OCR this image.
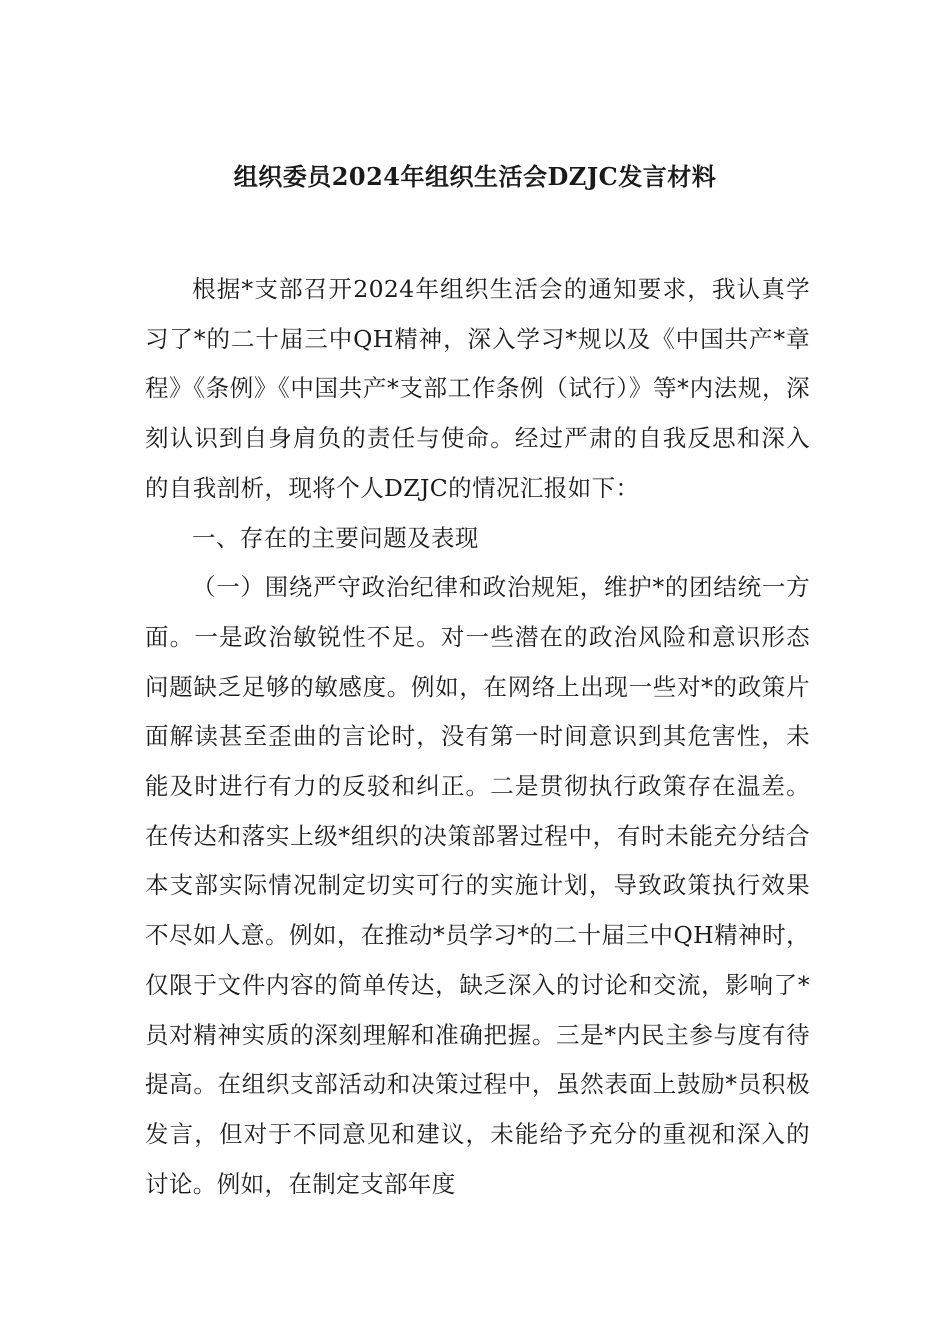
组织委员2024年组织生活会DZJC发言材料

根据*支部召开2024年组织生活会的通知要求，我认真学习了*的二十届三中QH精神，深入学习*规以及《中国共产*章程》《条例》《中国共产*支部工作条例（试行）》等*内法规，深刻认识到自身肩负的责任与使命。经过严肃的自我反思和深入的自我剖析，现将个人DZJC的情况汇报如下：

一、存在的主要问题及表现

（一）围绕严守政治纪律和政治规矩，维护*的团结统一方面。一是政治敏锐性不足。对一些潜在的政治风险和意识形态问题缺乏足够的敏感度。例如，在网络上出现一些对*的政策片面解读甚至歪曲的言论时，没有第一时间意识到其危害性，未能及时进行有力的反驳和纠正。二是贯彻执行政策存在温差。在传达和落实上级*组织的决策部署过程中，有时未能充分结合本支部实际情况制定切实可行的实施计划，导致政策执行效果不尽如人意。例如，在推动*员学习*的二十届三中QH精神时，仅限于文件内容的简单传达，缺乏深入的讨论和交流，影响了*员对精神实质的深刻理解和准确把握。三是*内民主参与度有待提高。在组织支部活动和决策过程中，虽然表面上鼓励*员积极发言，但对于不同意见和建议，未能给予充分的重视和深入的讨论。例如，在制定支部年度
